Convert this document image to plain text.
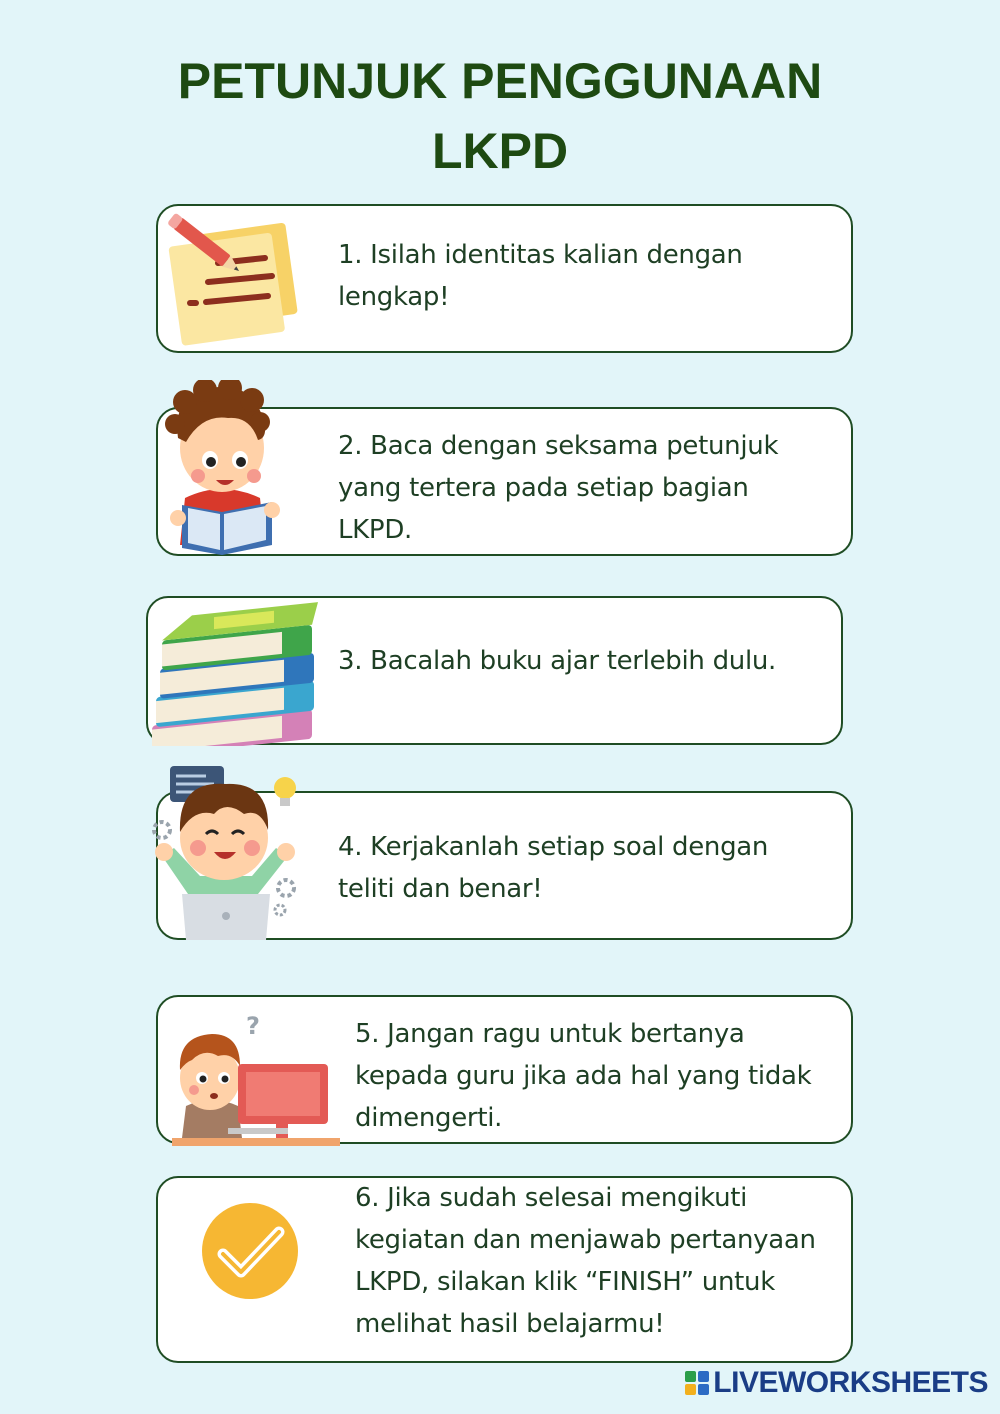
PETUNJUK PENGGUNAAN
LKPD
1. Isilah identitas kalian dengan lengkap!
2. Baca dengan seksama petunjuk yang tertera pada setiap bagian LKPD.
3. Bacalah buku ajar terlebih dulu.
4. Kerjakanlah setiap soal dengan teliti dan benar!
?	5. Jangan ragu untuk bertanya kepada guru jika ada hal yang tidak dimengerti.
6. Jika sudah selesai mengikuti kegiatan dan menjawab pertanyaan LKPD, silakan klik “FINISH” untuk melihat hasil belajarmu!
LIVEWORKSHEETS
